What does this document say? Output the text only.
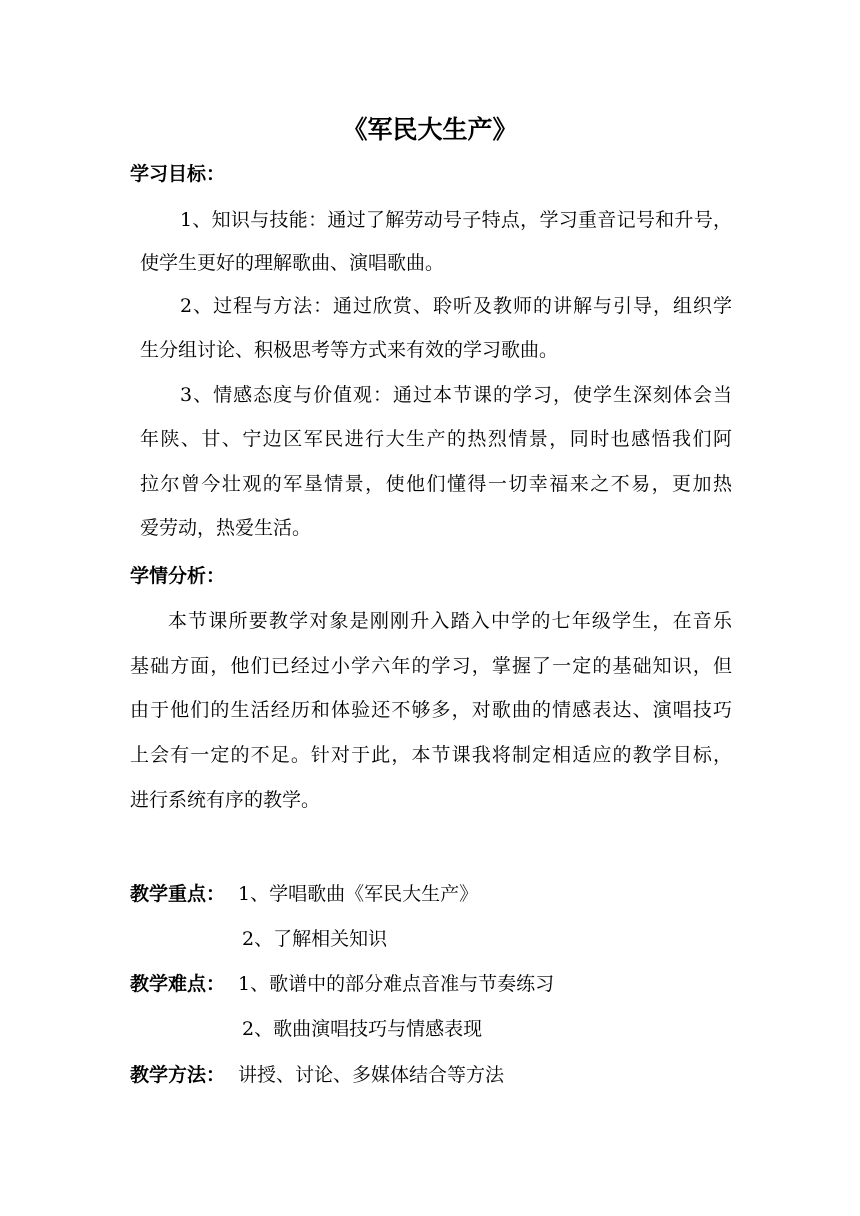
《军民大生产》
学习目标：
1、知识与技能：通过了解劳动号子特点，学习重音记号和升号，
使学生更好的理解歌曲、演唱歌曲。
2、过程与方法：通过欣赏、聆听及教师的讲解与引导，组织学
生分组讨论、积极思考等方式来有效的学习歌曲。
3、情感态度与价值观：通过本节课的学习，使学生深刻体会当
年陕、甘、宁边区军民进行大生产的热烈情景，同时也感悟我们阿
拉尔曾今壮观的军垦情景，使他们懂得一切幸福来之不易，更加热
爱劳动，热爱生活。
学情分析：
本节课所要教学对象是刚刚升入踏入中学的七年级学生，在音乐
基础方面，他们已经过小学六年的学习，掌握了一定的基础知识，但
由于他们的生活经历和体验还不够多，对歌曲的情感表达、演唱技巧
上会有一定的不足。针对于此，本节课我将制定相适应的教学目标，
进行系统有序的教学。
教学重点： 1、学唱歌曲《军民大生产》
2、了解相关知识
教学难点： 1、歌谱中的部分难点音准与节奏练习
2、歌曲演唱技巧与情感表现
教学方法： 讲授、讨论、多媒体结合等方法
